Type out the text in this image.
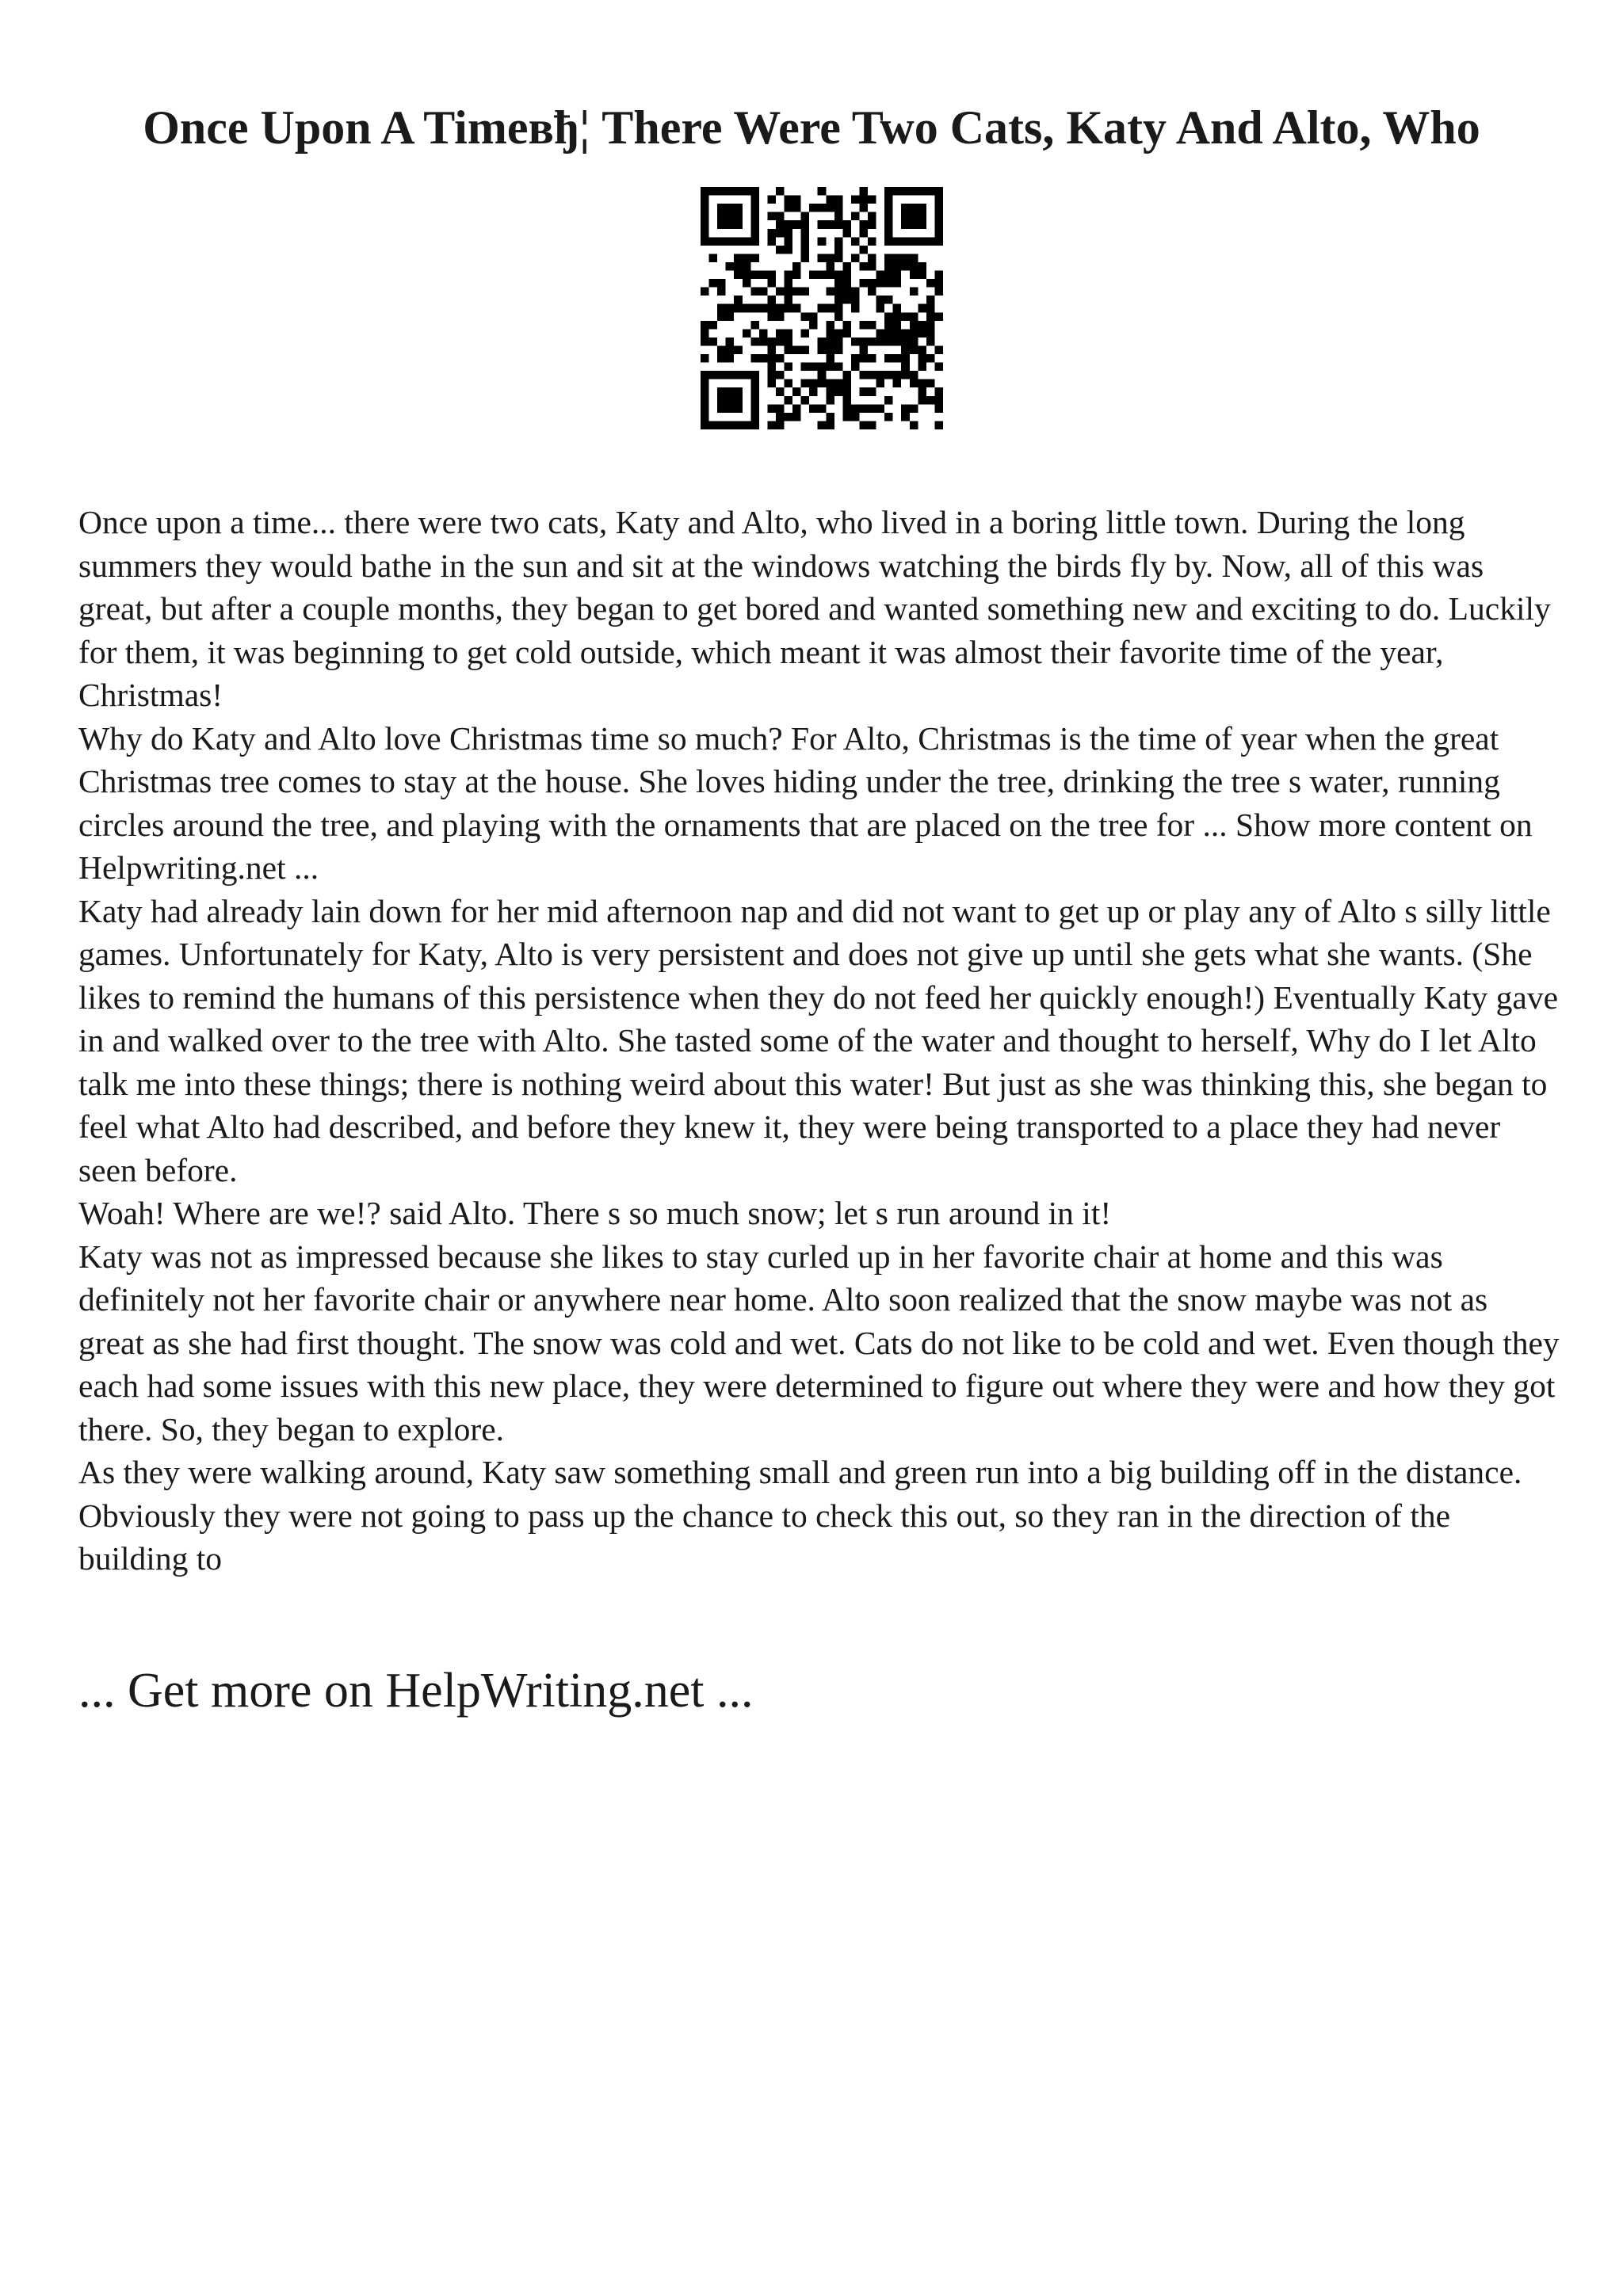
Once Upon A Timeвђ¦ There Were Two Cats, Katy And Alto, Who

Once upon a time... there were two cats, Katy and Alto, who lived in a boring little town. During the long summers they would bathe in the sun and sit at the windows watching the birds fly by. Now, all of this was great, but after a couple months, they began to get bored and wanted something new and exciting to do. Luckily for them, it was beginning to get cold outside, which meant it was almost their favorite time of the year, Christmas!

Why do Katy and Alto love Christmas time so much? For Alto, Christmas is the time of year when the great Christmas tree comes to stay at the house. She loves hiding under the tree, drinking the tree s water, running circles around the tree, and playing with the ornaments that are placed on the tree for ... Show more content on Helpwriting.net ...

Katy had already lain down for her mid afternoon nap and did not want to get up or play any of Alto s silly little games. Unfortunately for Katy, Alto is very persistent and does not give up until she gets what she wants. (She likes to remind the humans of this persistence when they do not feed her quickly enough!) Eventually Katy gave in and walked over to the tree with Alto. She tasted some of the water and thought to herself, Why do I let Alto talk me into these things; there is nothing weird about this water! But just as she was thinking this, she began to feel what Alto had described, and before they knew it, they were being transported to a place they had never seen before.

Woah! Where are we!? said Alto. There s so much snow; let s run around in it!

Katy was not as impressed because she likes to stay curled up in her favorite chair at home and this was definitely not her favorite chair or anywhere near home. Alto soon realized that the snow maybe was not as great as she had first thought. The snow was cold and wet. Cats do not like to be cold and wet. Even though they each had some issues with this new place, they were determined to figure out where they were and how they got there. So, they began to explore.

As they were walking around, Katy saw something small and green run into a big building off in the distance. Obviously they were not going to pass up the chance to check this out, so they ran in the direction of the building to

... Get more on HelpWriting.net ...
